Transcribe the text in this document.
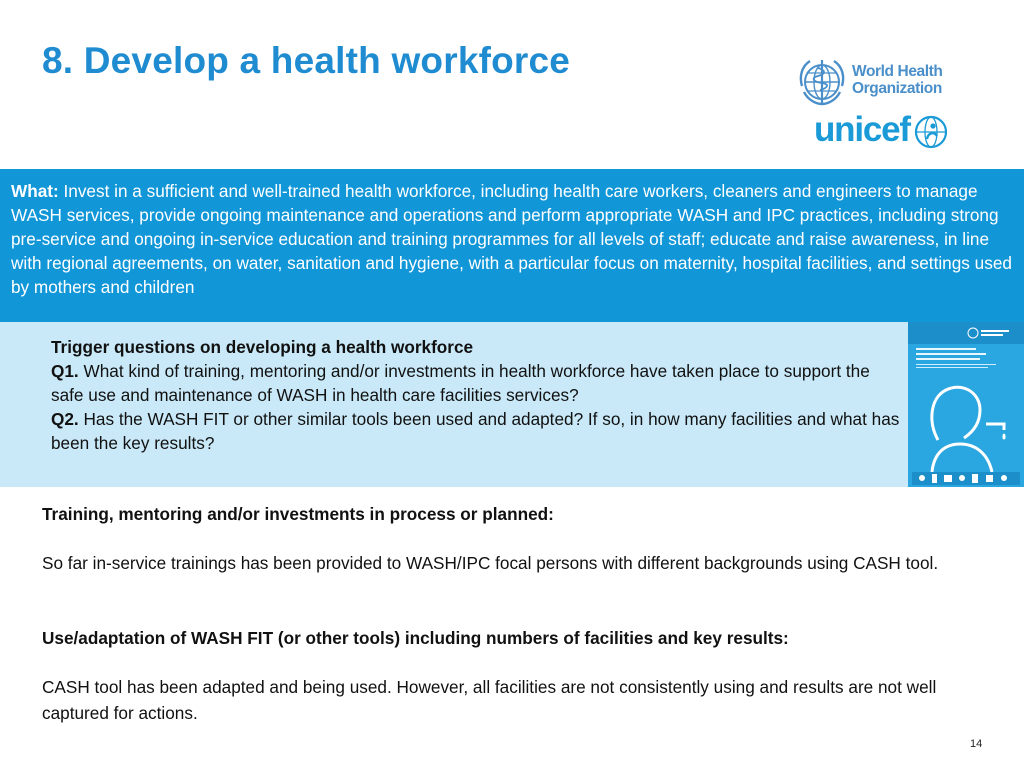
8. Develop a health workforce	World Health
Organization
unicef
What: Invest in a sufficient and well-trained health workforce, including health care workers, cleaners and engineers to manage WASH services, provide ongoing maintenance and operations and perform appropriate WASH and IPC practices, including strong pre-service and ongoing in-service education and training programmes for all levels of staff; educate and raise awareness, in line with regional agreements, on water, sanitation and hygiene, with a particular focus on maternity, hospital facilities, and settings used by mothers and children
Trigger questions on developing a health workforce
Q1. What kind of training, mentoring and/or investments in health workforce have taken place to support the safe use and maintenance of WASH in health care facilities services?
Q2. Has the WASH FIT or other similar tools been used and adapted? If so, in how many facilities and what has been the key results?
Training, mentoring and/or investments in process or planned:
So far in-service trainings has been provided to WASH/IPC focal persons with different backgrounds using CASH tool.
Use/adaptation of WASH FIT (or other tools) including numbers of facilities and key results:
CASH tool has been adapted and being used. However, all facilities are not consistently using and results are not well captured for actions.
14
